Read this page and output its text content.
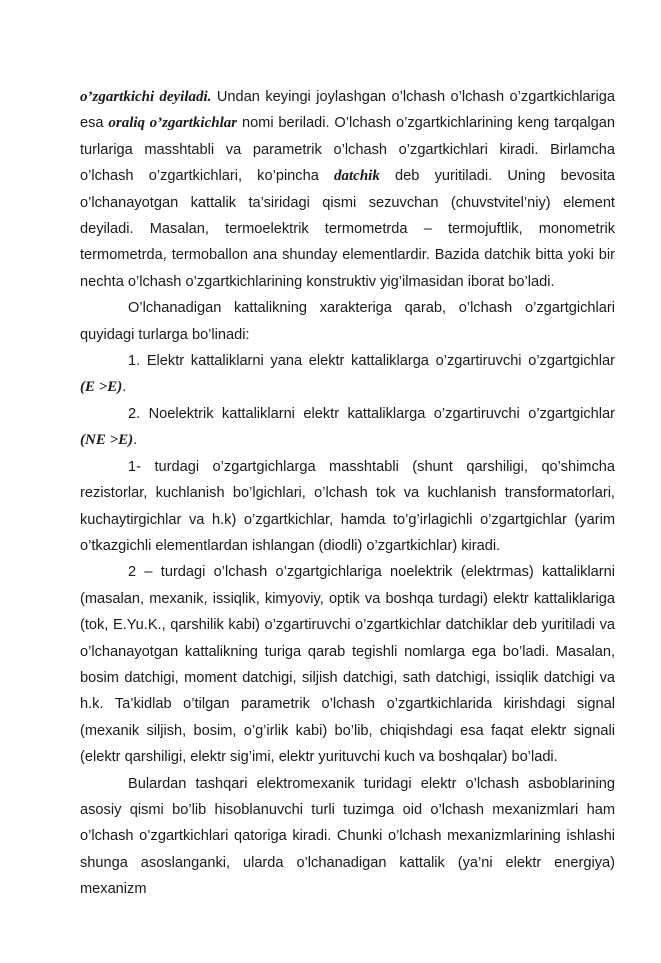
o’zgartkichi deyiladi. Undan keyingi joylashgan o’lchash o’lchash o’zgartkichlariga esa oraliq o’zgartkichlar nomi beriladi. O’lchash o’zgartkichlarining keng tarqalgan turlariga masshtabli va parametrik o’lchash o’zgartkichlari kiradi. Birlamcha o’lchash o’zgartkichlari, ko’pincha datchik deb yuritiladi. Uning bevosita o’lchanayotgan kattalik ta’siridagi qismi sezuvchan (chuvstvitel’niy) element deyiladi. Masalan, termoelektrik termometrda – termojuftlik, monometrik termometrda, termoballon ana shunday elementlardir. Bazida datchik bitta yoki bir nechta o’lchash o’zgartkichlarining konstruktiv yig’ilmasidan iborat bo’ladi.

O’lchanadigan kattalikning xarakteriga qarab, o’lchash o’zgartgichlari quyidagi turlarga bo’linadi:

1. Elektr kattaliklarni yana elektr kattaliklarga o’zgartiruvchi o’zgartgichlar (E >E).

2. Noelektrik kattaliklarni elektr kattaliklarga o’zgartiruvchi o’zgartgichlar (NE >E).

1- turdagi o’zgartgichlarga masshtabli (shunt qarshiligi, qo’shimcha rezistorlar, kuchlanish bo’lgichlari, o’lchash tok va kuchlanish transformatorlari, kuchaytirgichlar va h.k) o’zgartkichlar, hamda to’g’irlagichli o’zgartgichlar (yarim o’tkazgichli elementlardan ishlangan (diodli) o’zgartkichlar) kiradi.

2 – turdagi o’lchash o’zgartgichlariga noelektrik (elektrmas) kattaliklarni (masalan, mexanik, issiqlik, kimyoviy, optik va boshqa turdagi) elektr kattaliklariga (tok, E.Yu.K., qarshilik kabi) o’zgartiruvchi o’zgartkichlar datchiklar deb yuritiladi va o’lchanayotgan kattalikning turiga qarab tegishli nomlarga ega bo’ladi. Masalan, bosim datchigi, moment datchigi, siljish datchigi, sath datchigi, issiqlik datchigi va h.k. Ta’kidlab o’tilgan parametrik o’lchash o’zgartkichlarida kirishdagi signal (mexanik siljish, bosim, o’g’irlik kabi) bo’lib, chiqishdagi esa faqat elektr signali (elektr qarshiligi, elektr sig’imi, elektr yurituvchi kuch va boshqalar) bo’ladi.

Bulardan tashqari elektromexanik turidagi elektr o’lchash asboblarining asosiy qismi bo’lib hisoblanuvchi turli tuzimga oid o’lchash mexanizmlari ham o’lchash o’zgartkichlari qatoriga kiradi. Chunki o’lchash mexanizmlarining ishlashi shunga asoslanganki, ularda o’lchanadigan kattalik (ya’ni elektr energiya) mexanizm
